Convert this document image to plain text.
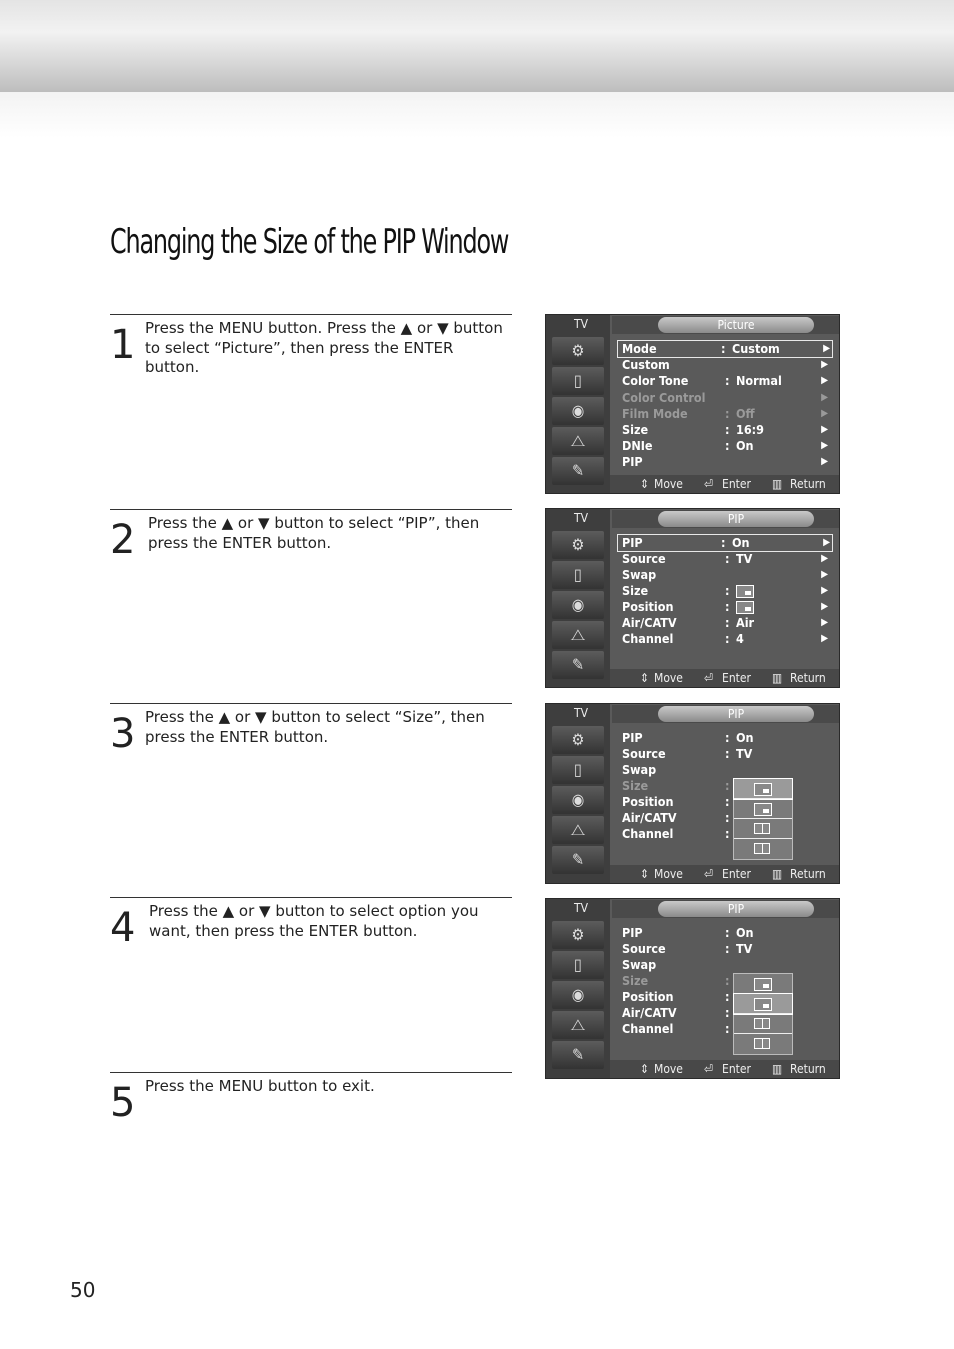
Changing the Size of the PIP Window
1 Press the MENU button. Press the ▲ or ▼ button to select “Picture”, then press the ENTER button.
2 Press the ▲ or ▼ button to select “PIP”, then press the ENTER button.
3 Press the ▲ or ▼ button to select “Size”, then press the ENTER button.
4 Press the ▲ or ▼ button to select option you want, then press the ENTER button.
5 Press the MENU button to exit.
TV	Picture
⚙
▯
◉
⧍
✎
Mode	: Custom	▶
Custom	▶
Color Tone	: Normal	▶
Color Control	▶
Film Mode	: Off	▶
Size	: 16:9	▶
DNIe	: On	▶
PIP	▶
⇕ Move ⏎ Enter ▥ Return
TV	PIP
⚙
▯
◉
⧍
✎
PIP	: On	▶
Source	: TV	▶
Swap	▶
Size	:	▶
Position	:	▶
Air/CATV	: Air	▶
Channel	: 4	▶
⇕ Move ⏎ Enter ▥ Return
TV	PIP
⚙
▯
◉
⧍
✎
PIP	: On
Source	: TV
Swap
Size	:
Position	:
Air/CATV	:
Channel	:
⇕ Move ⏎ Enter ▥ Return
TV	PIP
⚙
▯
◉
⧍
✎
PIP	: On
Source	: TV
Swap
Size	:
Position	:
Air/CATV	:
Channel	:
⇕ Move ⏎ Enter ▥ Return
50
